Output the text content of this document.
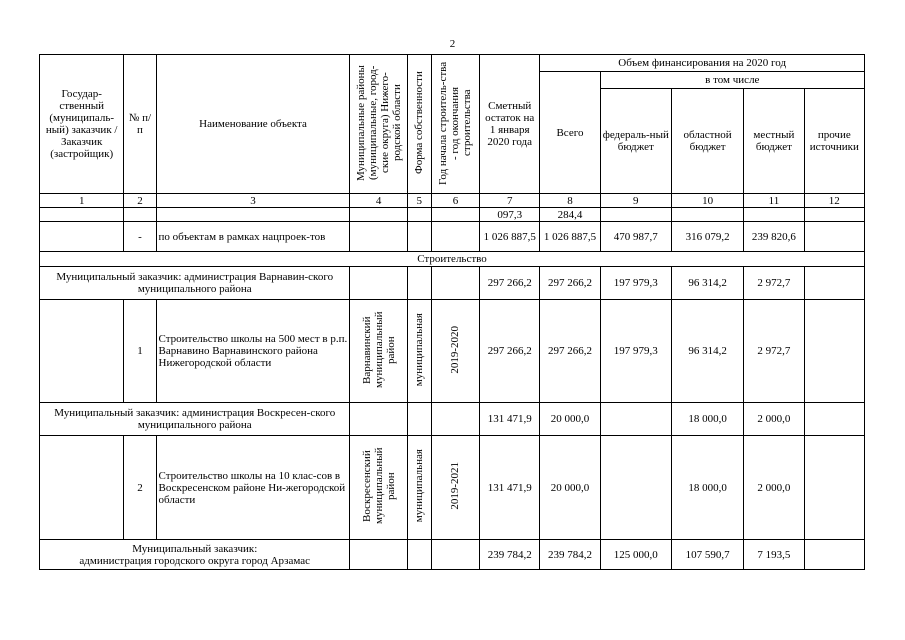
2
Государ-ственный (муниципаль-ный) заказчик / Заказчик (застройщик)	№ п/п	Наименование объекта	Муниципальные районы (муниципальные, город-ские округа) Нижего-родской области	Форма собственности	Год начала строитель-ства - год окончания строительства	Сметный остаток на 1 января 2020 года	Объем финансирования на 2020 год				
							Всего	в том числе			
								федераль-ный бюджет	областной бюджет	местный бюджет	прочие источники
1	2	3	4	5	6	7	8	9	10	11	12
						097,3	284,4				
	-	по объектам в рамках нацпроек-тов				1 026 887,5	1 026 887,5	470 987,7	316 079,2	239 820,6	
Строительство											
Муниципальный заказчик: администрация Варнавин-ского муниципального района						297 266,2	297 266,2	197 979,3	96 314,2	2 972,7	
	1	Строительство школы на 500 мест в р.п. Варнавино Варнавинского района Нижегородской области	Варнавинский муниципальный район	муниципальная	2019-2020	297 266,2	297 266,2	197 979,3	96 314,2	2 972,7	
Муниципальный заказчик: администрация Воскресен-ского муниципального района						131 471,9	20 000,0		18 000,0	2 000,0	
	2	Строительство школы на 10 клас-сов в Воскресенском районе Ни-жегородской области	Воскресенский муниципальный район	муниципальная	2019-2021	131 471,9	20 000,0		18 000,0	2 000,0	

Муниципальный заказчик:
администрация городского округа город Арзамас						239 784,2	239 784,2	125 000,0	107 590,7	7 193,5	
